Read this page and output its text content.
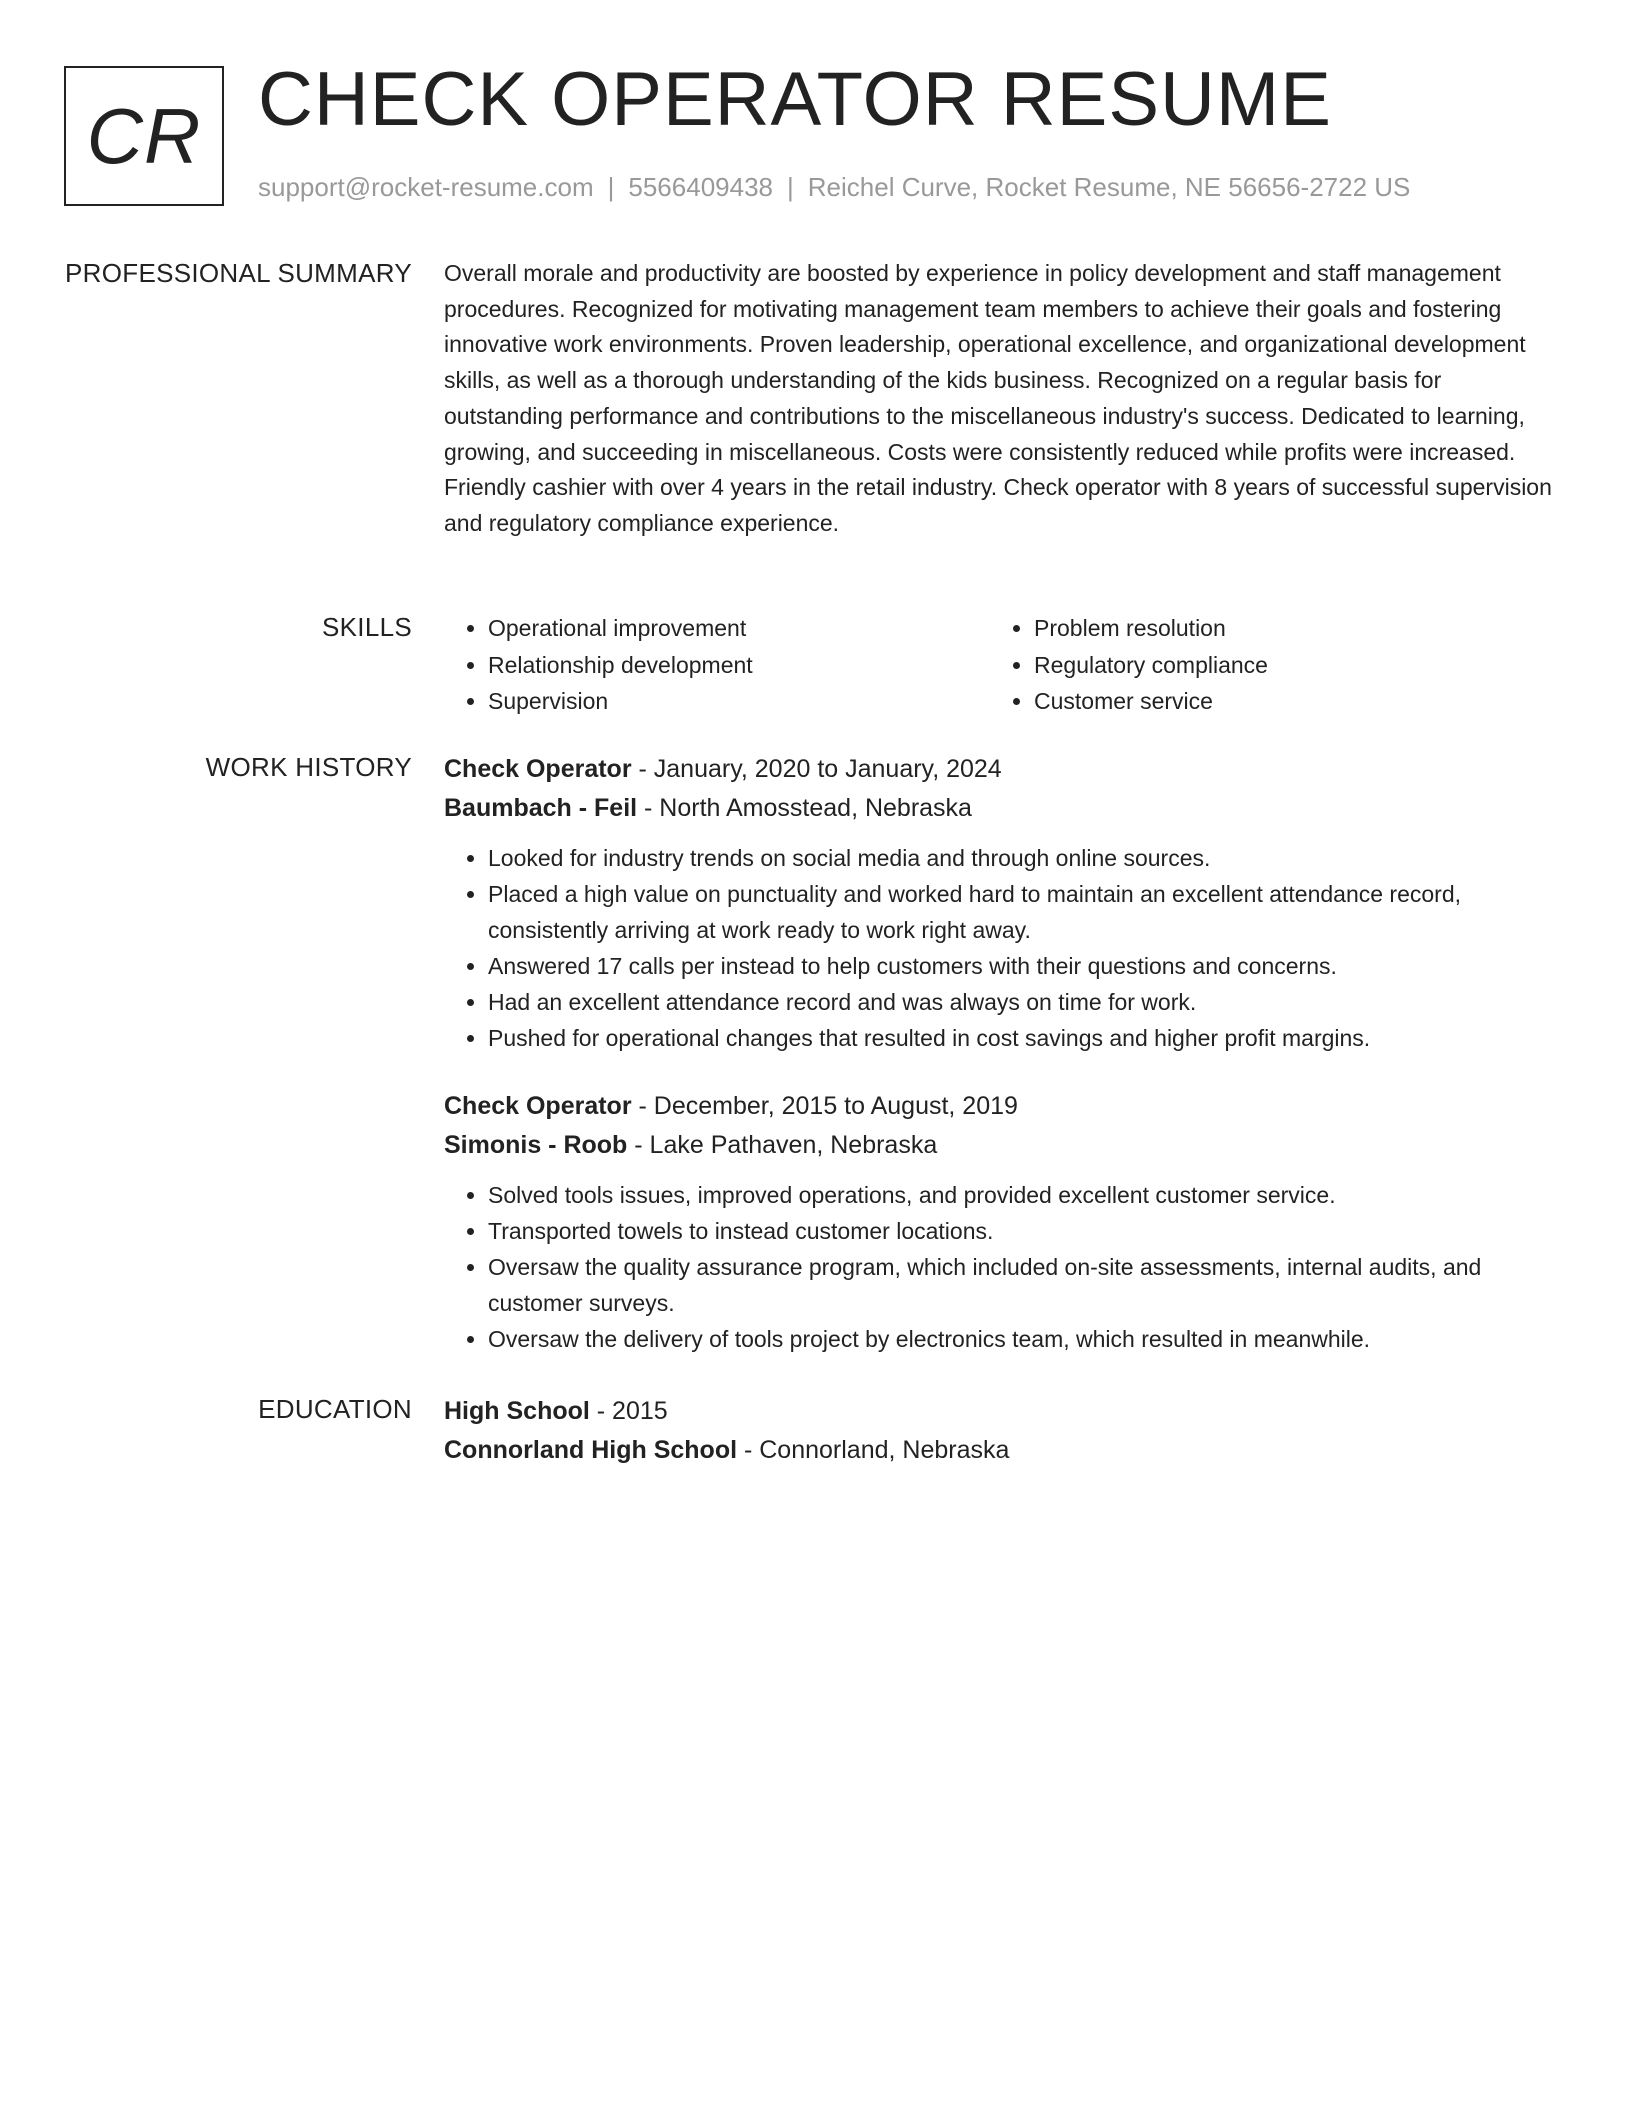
CR CHECK OPERATOR RESUME
support@rocket-resume.com | 5566409438 | Reichel Curve, Rocket Resume, NE 56656-2722 US
PROFESSIONAL SUMMARY Overall morale and productivity are boosted by experience in policy development and staff management procedures. Recognized for motivating management team members to achieve their goals and fostering innovative work environments. Proven leadership, operational excellence, and organizational development skills, as well as a thorough understanding of the kids business. Recognized on a regular basis for outstanding performance and contributions to the miscellaneous industry's success. Dedicated to learning, growing, and succeeding in miscellaneous. Costs were consistently reduced while profits were increased. Friendly cashier with over 4 years in the retail industry. Check operator with 8 years of successful supervision and regulatory compliance experience.

SKILLS
•	Operational improvement
• Relationship development
• Supervision
• Problem resolution
• Regulatory compliance
• Customer service
WORK HISTORY Check Operator - January, 2020 to January, 2024
Baumbach - Feil - North Amosstead, Nebraska
• Looked for industry trends on social media and through online sources.
• Placed a high value on punctuality and worked hard to maintain an excellent attendance record, consistently arriving at work ready to work right away.
• Answered 17 calls per instead to help customers with their questions and concerns.
• Had an excellent attendance record and was always on time for work.
• Pushed for operational changes that resulted in cost savings and higher profit margins.
Check Operator - December, 2015 to August, 2019
Simonis - Roob - Lake Pathaven, Nebraska
• Solved tools issues, improved operations, and provided excellent customer service.
• Transported towels to instead customer locations.
• Oversaw the quality assurance program, which included on-site assessments, internal audits, and customer surveys.
• Oversaw the delivery of tools project by electronics team, which resulted in meanwhile.
EDUCATION High School - 2015
Connorland High School - Connorland, Nebraska
